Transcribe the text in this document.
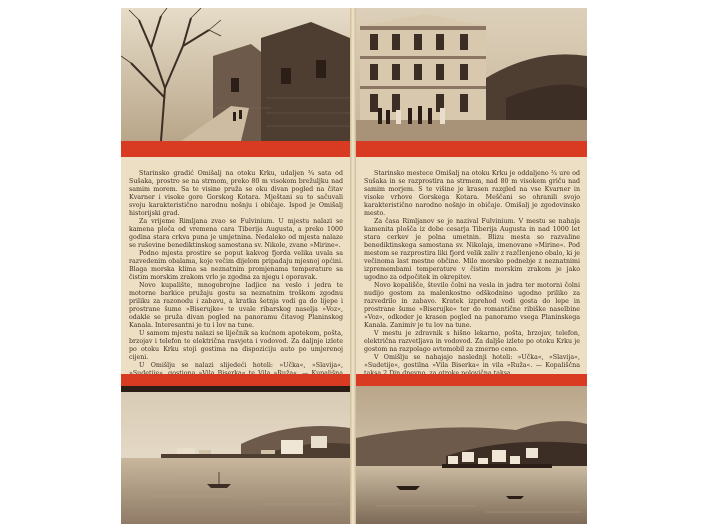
Starinsko gradić Omišalj na otoku Krku, udaljen ¾ sata od Sušaka, prostro se na strmom, preko 80 m visokom brežuljku nad samim morem. Sa te visine pruža se oku divan pogled na čitav Kvarner i visoke gore Gorskog Kotara. Mještani su to sačuvali svoju karakteristično narodnu nošnju i običaje. Ispod je Omišalj historijski grad.

Za vrijeme Rimljana zvao se Fulvinium. U mjestu nalazi se kamena ploča od vremena cara Tiberija Augusta, a preko 1000 godina stara crkva puna je umjetnina. Nedaleko od mjesta nalaze se ruševine benediktinskog samostana sv. Nikole, zvane »Mirine«.

Podno mjesta prostire se poput kakvog fjorda velika uvala sa razvedenim obalama, koje večim dijelom pripadaju mjesnoj općini. Blaga morska klima sa neznatnim promjenama temperature sa čistim morskim zrakom vrlo je zgodna za njegu i oporavak.

Novo kupalište, mnogobrojne ladjice na veslo i jedra te motorne barkice pružaju gostu sa neznatnim troškom zgodnu priliku za razonodu i zabavu, a kratka šetnja vodi ga do lijepe i prostrane šume »Biserujke« te uvale ribarskog naselja »Voz«, odakle se pruža divan pogled na panoramu čitavog Planinskog Kanala. Interesantni je tu i lov na tune.

U samom mjestu nalazi se liječnik sa kućnom apotekom, pošta, brzojav i telefon te električna rasvjeta i vodovod. Za daljnje izlete po otoku Krku stoji gostima na dispoziciju auto po umjerenoj cijeni.

U Omišlju se nalazi slijedeći hoteli: »Učka«, »Slavija«,

Starinsko mestece Omišalj na otoku Krku je oddaljeno ¾ ure od Sušaka in se razprostira na strmem, nad 80 m visokem griču nad samim morjem. S te višine je krasen razgled na vse Kvarner in visoke vrhove Gorskega Kotara. Meščani so ohranili svojo karakteristično narodno nošnjo in običaje. Omišalj je zgodovinsko mesto.

Za časa Rimljanov se je nazival Fulvinium. V mestu se nahaja kamenita plošča iz dobe cesarja Tiberija Augusta in nad 1000 let stara cerkev je polna umetnin. Blizu mesta so razvaline benediktinskega samostana sv. Nikolaja, imenovane »Mirine«. Pod mestom se razprostira liki fjord velik zaliv z razčlenjeno obalo, ki je večinoma last mestne občine. Milo morsko podnebje z neznatnimi izpremembami temperature v čistim morskim zrakom je jako ugodno za odpočitek in okrepitev.

Novo kopališče, število čolni na vesla in jadra ter motorni čolni nudijo gostom za malenkostno odškodnino ugodno priliko za razvedrilo in zabavo. Kratek izprehod vodi gosta do lepe in prostrane šume »Biserujke« ter do romantične ribiške naselbine »Voz«, odkoder je krasen pogled na panoramo vsega Planinskega Kanala. Zanimiv je tu lov na tune.

V mestu je zdravnik s hišno lekarno, pošta, brzojav, telefon, električna razvetljava in vodovod. Za daljše izlete po otoku Krku je gostom na razpolago avtomobil za zmerno ceno.

V Omišlju se nahajajo naslednji hoteli: »Učka«, »Slavija«, »Sudetije«, gostilna »Vila Biserka« in vila »Ruža«. — Kopališčna
